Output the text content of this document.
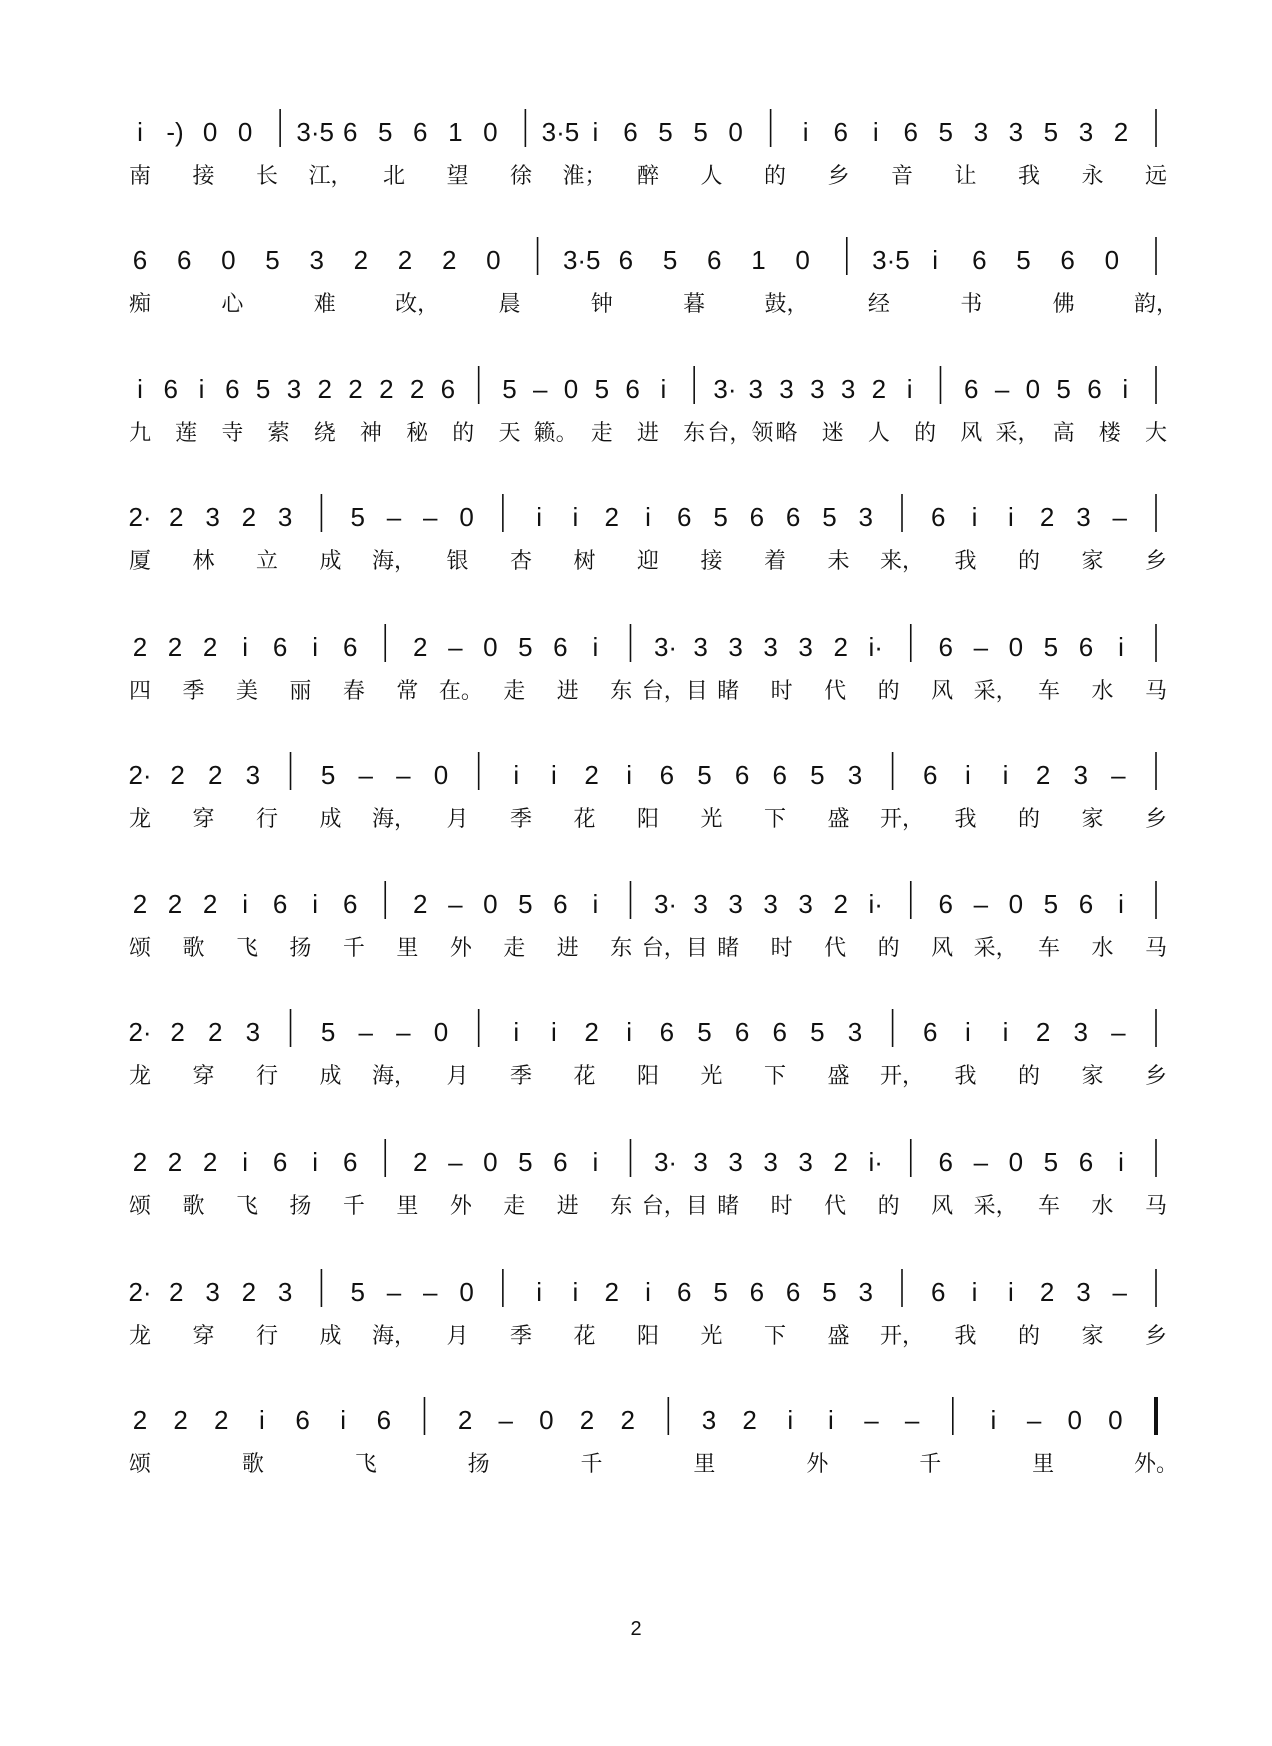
i -) 0 0 3·5 6 5 6 1 0 3·5 i 6 5 5 0 i 6 i 6 5 3 3 5 3 2
南 接 长 江， 北 望 徐 淮； 醉 人 的 乡 音 让 我 永 远
6 6 0 5 3 2 2 2 0 3·5 6 5 6 1 0 3·5 i 6 5 6 0
痴	心	难	改，	晨	钟	暮	鼓，	经	书	佛	韵，
i 6 i 6 5 3 2 2 2 2 6 5 – 0 5 6 i 3· 3 3 3 3 2 i 6 – 0 5 6 i
九 莲 寺 萦 绕 神 秘 的 天 籁。 走 进 东 台，领 略 迷 人 的 风 采， 高 楼 大
2· 2 3 2 3 5 – – 0 i i 2 i 6 5 6 6 5 3 6 i i 2 3 –
厦 林 立 成 海， 银 杏 树 迎 接 着 未 来， 我 的 家 乡
2 2 2 i 6 i 6 2 – 0 5 6 i 3· 3 3 3 3 2 i· 6 – 0 5 6 i
四 季 美 丽 春 常 在。 走 进 东 台，目 睹 时 代 的 风 采， 车 水 马
2· 2 2 3 5 – – 0	i i 2 i 6 5 6 6 5 3 6 i i 2 3 –
龙 穿 行 成 海， 月 季 花 阳 光 下 盛 开， 我 的 家 乡
2 2 2 i 6 i 6 2 – 0 5 6 i 3· 3 3 3 3 2 i· 6 – 0 5 6 i
颂 歌 飞 扬 千 里 外 走 进 东 台，目 睹 时 代 的 风 采， 车 水 马
2· 2 2 3 5 – – 0	i i 2 i 6 5 6 6 5 3 6 i i 2 3 –
龙 穿 行 成 海， 月 季 花 阳 光 下 盛 开， 我 的 家 乡
2 2 2 i 6 i 6 2 – 0 5 6 i 3· 3 3 3 3 2 i· 6 – 0 5 6 i
颂 歌 飞 扬 千 里 外 走 进 东 台，目 睹 时 代 的 风 采， 车 水 马
2· 2 3 2 3 5 – – 0 i i 2 i 6 5 6 6 5 3 6 i i 2 3 –
龙 穿 行 成 海， 月 季 花 阳 光 下 盛 开， 我 的 家 乡
2 2 2 i 6 i 6	2 – 0 2 2	3 2 i i – –	i – 0 0
颂	歌	飞	扬	千	里	外	千	里	外。
2
